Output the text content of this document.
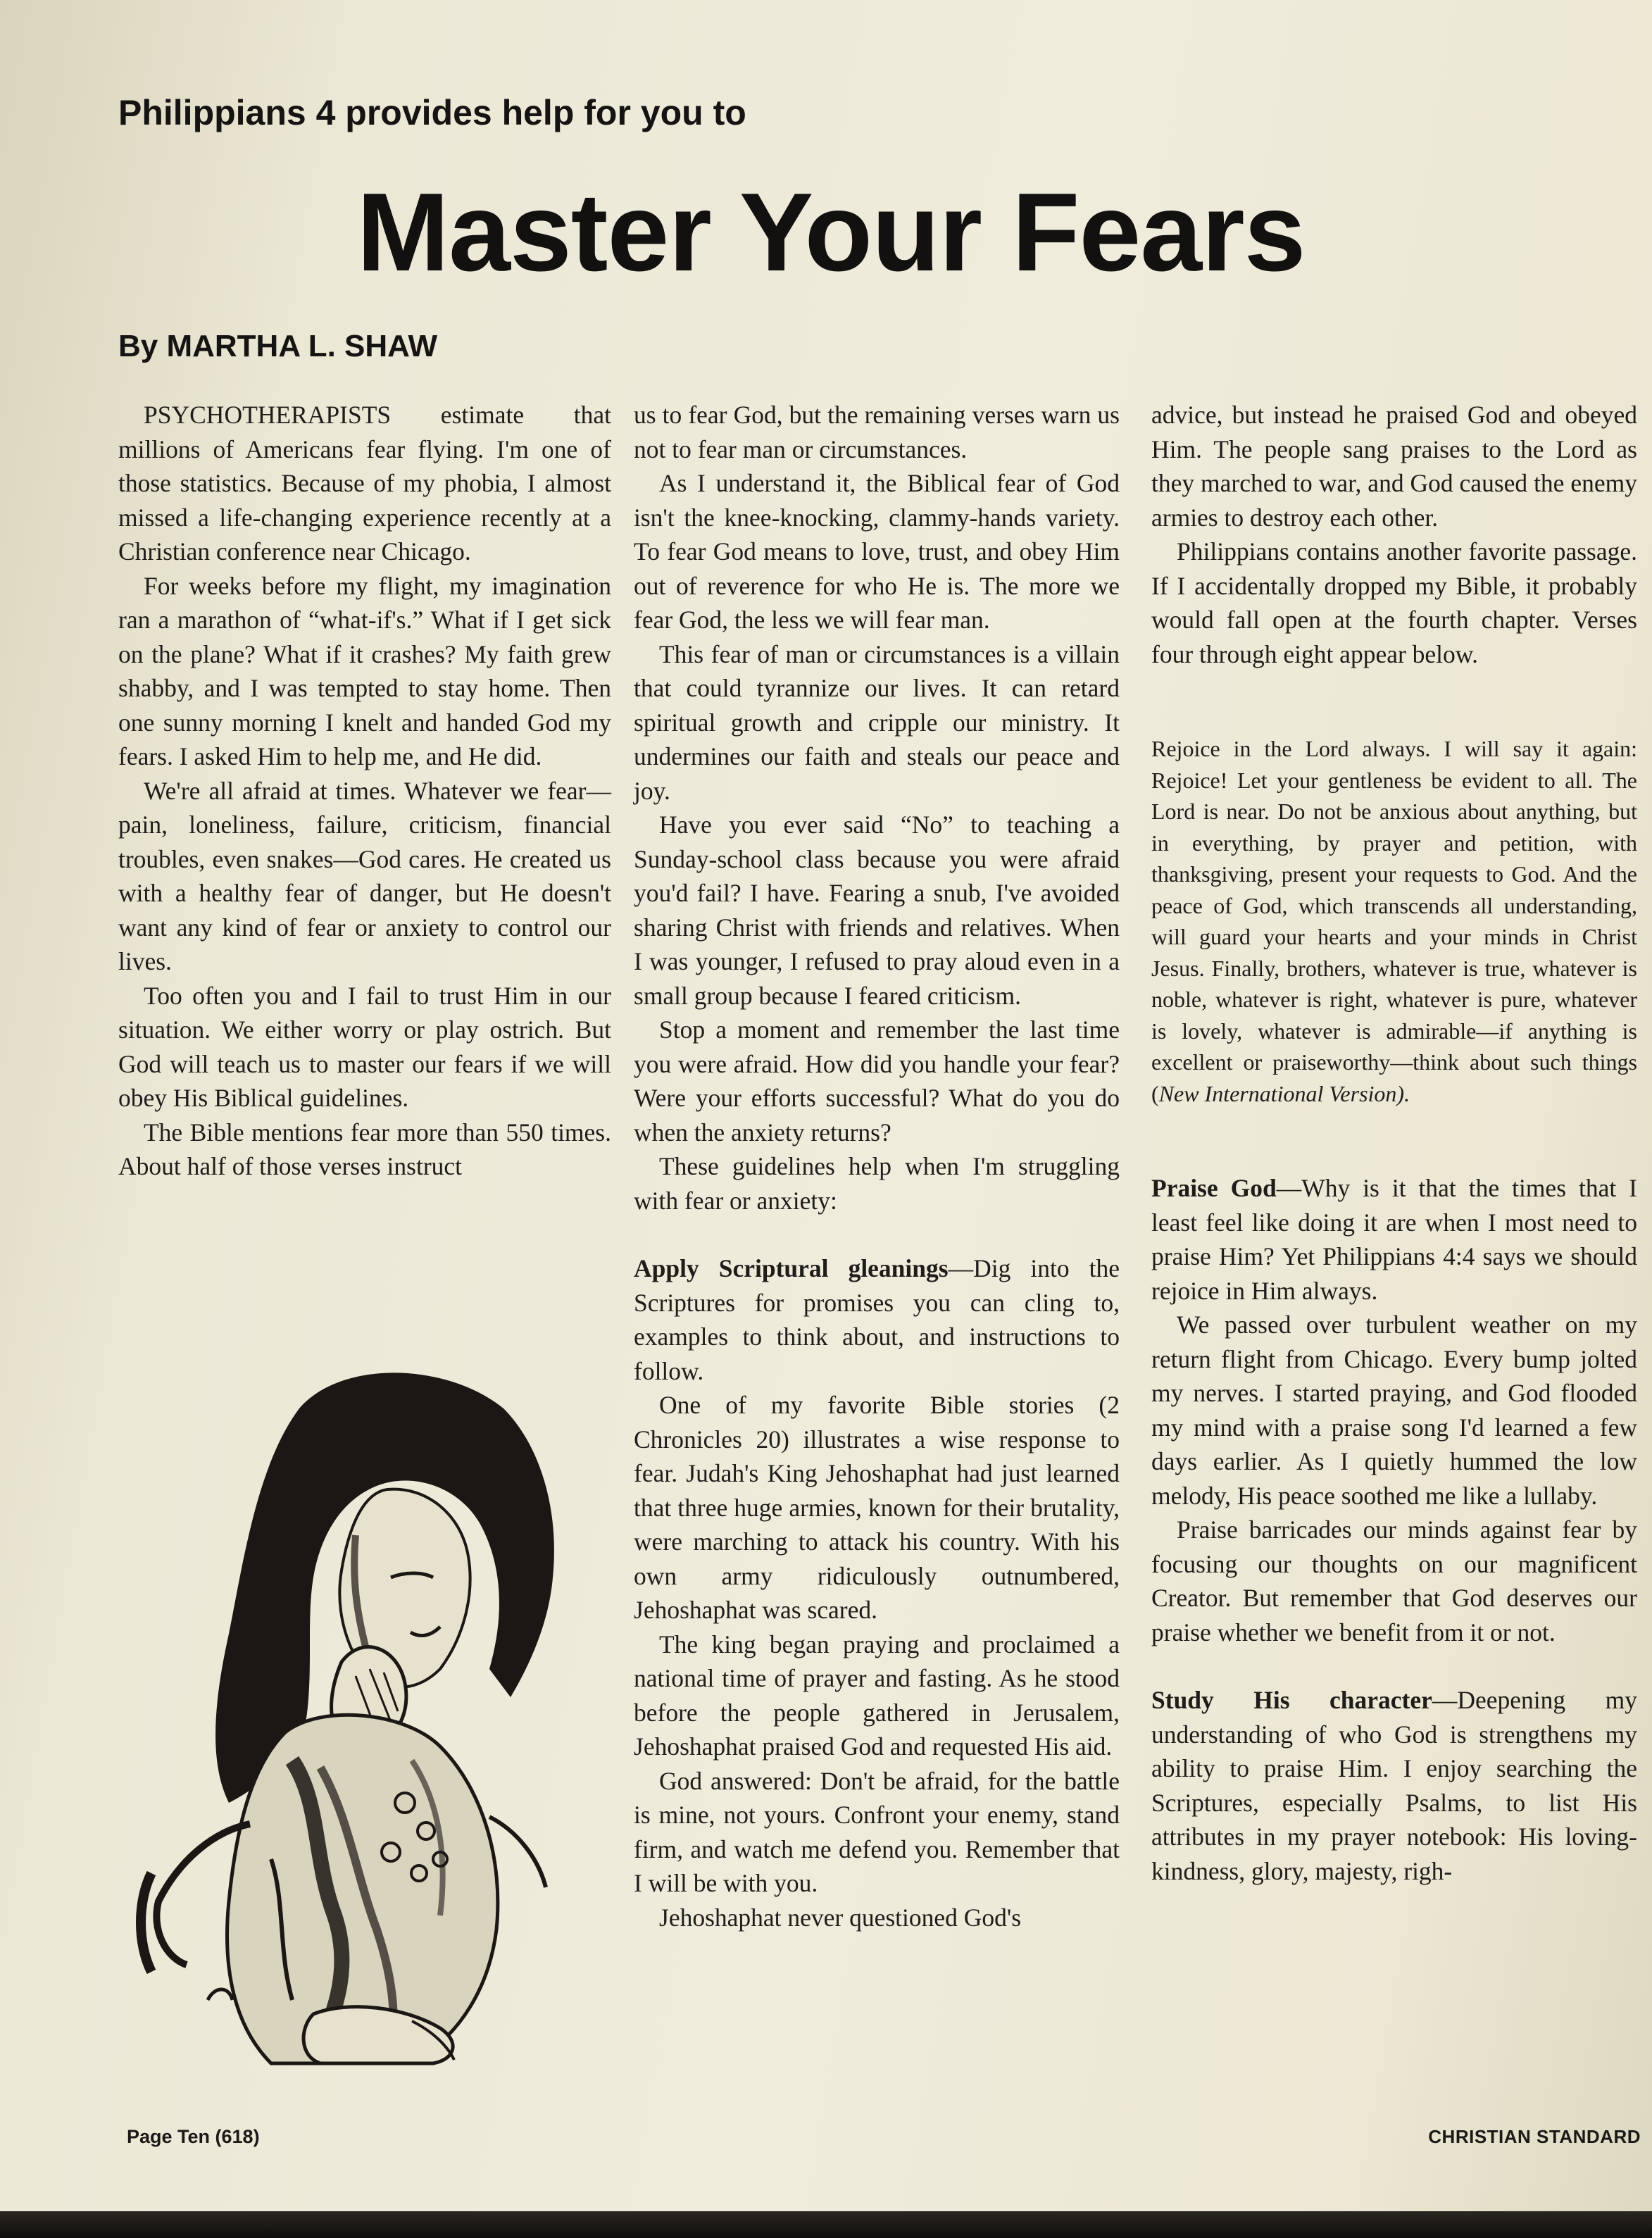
Philippians 4 provides help for you to
Master Your Fears
By MARTHA L. SHAW

PSYCHOTHERAPISTS estimate that millions of Americans fear flying. I'm one of those statistics. Because of my phobia, I almost missed a life-changing experience recently at a Christian conference near Chicago.

For weeks before my flight, my imagination ran a marathon of “what-if's.” What if I get sick on the plane? What if it crashes? My faith grew shabby, and I was tempted to stay home. Then one sunny morning I knelt and handed God my fears. I asked Him to help me, and He did.

We're all afraid at times. Whatever we fear—pain, loneliness, failure, criticism, financial troubles, even snakes—God cares. He created us with a healthy fear of danger, but He doesn't want any kind of fear or anxiety to control our lives.

Too often you and I fail to trust Him in our situation. We either worry or play ostrich. But God will teach us to master our fears if we will obey His Biblical guidelines.

The Bible mentions fear more than 550 times. About half of those verses instruct

us to fear God, but the remaining verses warn us not to fear man or circumstances.

As I understand it, the Biblical fear of God isn't the knee-knocking, clammy-hands variety. To fear God means to love, trust, and obey Him out of reverence for who He is. The more we fear God, the less we will fear man.

This fear of man or circumstances is a villain that could tyrannize our lives. It can retard spiritual growth and cripple our ministry. It undermines our faith and steals our peace and joy.

Have you ever said “No” to teaching a Sunday-school class because you were afraid you'd fail? I have. Fearing a snub, I've avoided sharing Christ with friends and relatives. When I was younger, I refused to pray aloud even in a small group because I feared criticism.

Stop a moment and remember the last time you were afraid. How did you handle your fear? Were your efforts successful? What do you do when the anxiety returns?

These guidelines help when I'm struggling with fear or anxiety:

Apply Scriptural gleanings—Dig into the Scriptures for promises you can cling to, examples to think about, and instructions to follow.

One of my favorite Bible stories (2 Chronicles 20) illustrates a wise response to fear. Judah's King Jehoshaphat had just learned that three huge armies, known for their brutality, were marching to attack his country. With his own army ridiculously outnumbered, Jehoshaphat was scared.

The king began praying and proclaimed a national time of prayer and fasting. As he stood before the people gathered in Jerusalem, Jehoshaphat praised God and requested His aid.

God answered: Don't be afraid, for the battle is mine, not yours. Confront your enemy, stand firm, and watch me defend you. Remember that I will be with you.

Jehoshaphat never questioned God's

advice, but instead he praised God and obeyed Him. The people sang praises to the Lord as they marched to war, and God caused the enemy armies to destroy each other.

Philippians contains another favorite passage. If I accidentally dropped my Bible, it probably would fall open at the fourth chapter. Verses four through eight appear below.

Rejoice in the Lord always. I will say it again: Rejoice! Let your gentleness be evident to all. The Lord is near. Do not be anxious about anything, but in everything, by prayer and petition, with thanksgiving, present your requests to God. And the peace of God, which transcends all understanding, will guard your hearts and your minds in Christ Jesus. Finally, brothers, whatever is true, whatever is noble, whatever is right, whatever is pure, whatever is lovely, whatever is admirable—if anything is excellent or praiseworthy—think about such things (New International Version).

Praise God—Why is it that the times that I least feel like doing it are when I most need to praise Him? Yet Philippians 4:4 says we should rejoice in Him always.

We passed over turbulent weather on my return flight from Chicago. Every bump jolted my nerves. I started praying, and God flooded my mind with a praise song I'd learned a few days earlier. As I quietly hummed the low melody, His peace soothed me like a lullaby.

Praise barricades our minds against fear by focusing our thoughts on our magnificent Creator. But remember that God deserves our praise whether we benefit from it or not.

Study His character—Deepening my understanding of who God is strengthens my ability to praise Him. I enjoy searching the Scriptures, especially Psalms, to list His attributes in my prayer notebook: His loving-kindness, glory, majesty, righ-

Page Ten (618)	CHRISTIAN STANDARD
